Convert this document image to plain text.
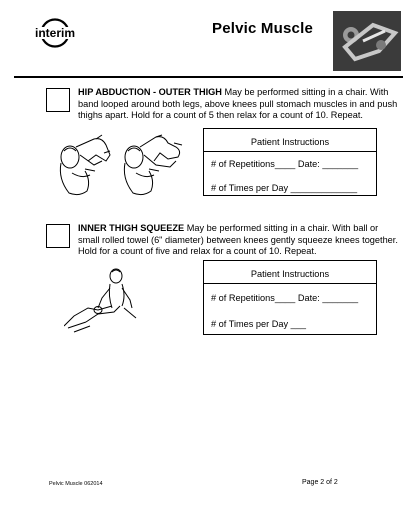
interim	Pelvic Muscle
HIP ABDUCTION - OUTER THIGH May be performed sitting in a chair. With band looped around both legs, above knees pull stomach muscles in and push thighs apart. Hold for a count of 5 then relax for a count of 10. Repeat.
Patient Instructions
# of Repetitions____ Date: _______
# of Times per Day _____________
INNER THIGH SQUEEZE May be performed sitting in a chair. With ball or small rolled towel (6" diameter) between knees gently squeeze knees together. Hold for a count of five and relax for a count of 10. Repeat.
Patient Instructions
# of Repetitions____ Date: _______
# of Times per Day ___
Pelvic Muscle 062014	Page 2 of 2
